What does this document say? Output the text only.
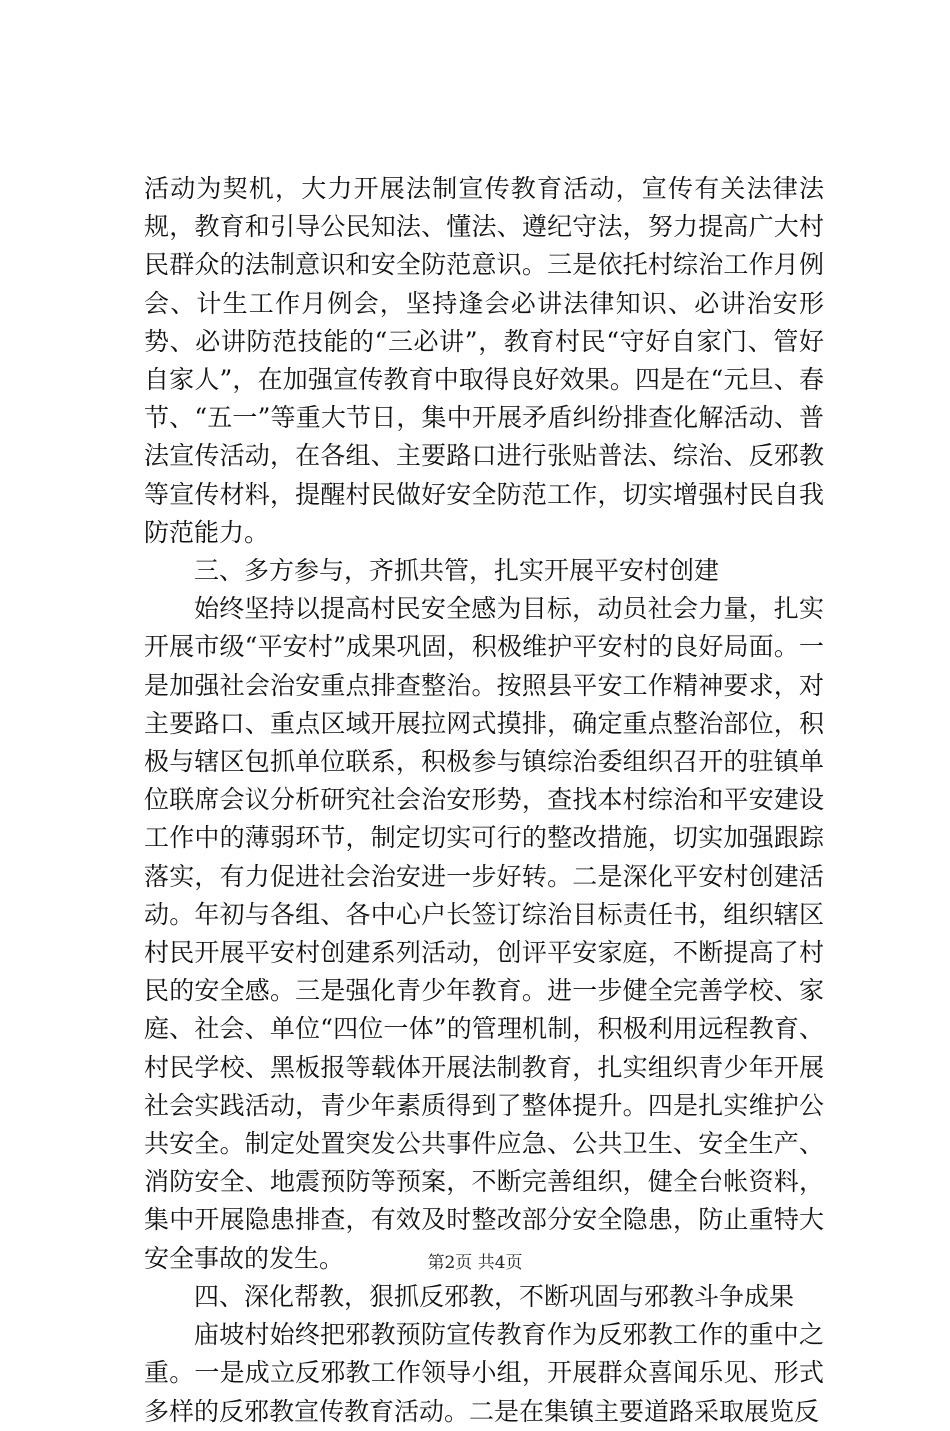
活动为契机，大力开展法制宣传教育活动，宣传有关法律法规，教育和引导公民知法、懂法、遵纪守法，努力提高广大村民群众的法制意识和安全防范意识。三是依托村综治工作月例会、计生工作月例会，坚持逢会必讲法律知识、必讲治安形势、必讲防范技能的“三必讲”，教育村民“守好自家门、管好自家人”，在加强宣传教育中取得良好效果。四是在“元旦、春节、“五一”等重大节日，集中开展矛盾纠纷排查化解活动、普法宣传活动，在各组、主要路口进行张贴普法、综治、反邪教等宣传材料，提醒村民做好安全防范工作，切实增强村民自我防范能力。

三、多方参与，齐抓共管，扎实开展平安村创建

始终坚持以提高村民安全感为目标，动员社会力量，扎实开展市级“平安村”成果巩固，积极维护平安村的良好局面。一是加强社会治安重点排查整治。按照县平安工作精神要求，对主要路口、重点区域开展拉网式摸排，确定重点整治部位，积极与辖区包抓单位联系，积极参与镇综治委组织召开的驻镇单位联席会议分析研究社会治安形势，查找本村综治和平安建设工作中的薄弱环节，制定切实可行的整改措施，切实加强跟踪落实，有力促进社会治安进一步好转。二是深化平安村创建活动。年初与各组、各中心户长签订综治目标责任书，组织辖区村民开展平安村创建系列活动，创评平安家庭，不断提高了村民的安全感。三是强化青少年教育。进一步健全完善学校、家庭、社会、单位“四位一体”的管理机制，积极利用远程教育、村民学校、黑板报等载体开展法制教育，扎实组织青少年开展社会实践活动，青少年素质得到了整体提升。四是扎实维护公共安全。制定处置突发公共事件应急、公共卫生、安全生产、消防安全、地震预防等预案，不断完善组织，健全台帐资料，集中开展隐患排查，有效及时整改部分安全隐患，防止重特大安全事故的发生。

四、深化帮教，狠抓反邪教，不断巩固与邪教斗争成果

庙坡村始终把邪教预防宣传教育作为反邪教工作的重中之重。一是成立反邪教工作领导小组，开展群众喜闻乐见、形式多样的反邪教宣传教育活动。二是在集镇主要道路采取展览反

第2页 共4页
